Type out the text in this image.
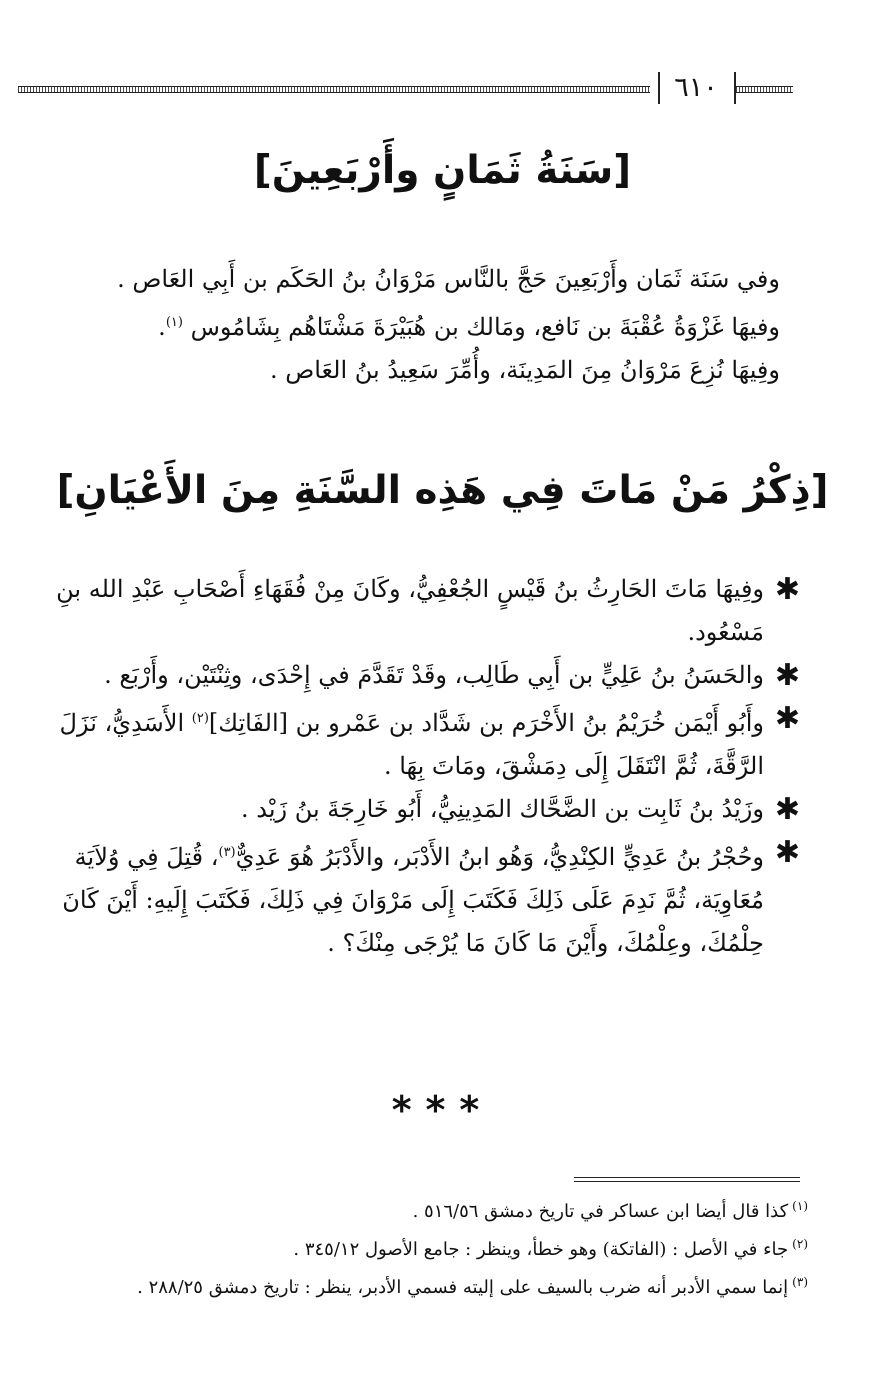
٦١٠
[سَنَةُ ثَمَانٍ وأَرْبَعِينَ]
وفي سَنَة ثَمَان وأَرْبَعِينَ حَجَّ بالنَّاس مَرْوَانُ بنُ الحَكَم بن أَبِي العَاص .
وفيهَا غَزْوَةُ عُقْبَةَ بن نَافع، ومَالك بن هُبَيْرَةَ مَشْتَاهُم بِشَامُوس $^{(١)}$.
وفِيهَا نُزِعَ مَرْوَانُ مِنَ المَدِينَة، وأُمِّرَ سَعِيدُ بنُ العَاص .
[ذِكْرُ مَنْ مَاتَ فِي هَذِه السَّنَةِ مِنَ الأَعْيَانِ]
✱
وفِيهَا مَاتَ الحَارِثُ بنُ قَيْسٍ الجُعْفِيُّ، وكَانَ مِنْ فُقَهَاءِ أَصْحَابِ عَبْدِ الله بنِ مَسْعُود.
✱
والحَسَنُ بنُ عَلِيٍّ بن أَبِي طَالِب، وقَدْ تَقَدَّمَ في إِحْدَى، وثِنْتَيْن، وأَرْبَع .
✱
وأَبُو أَيْمَن خُرَيْمُ بنُ الأَخْرَم بن شَدَّاد بن عَمْرو بن [الفَاتِك]$^{(٢)}$ الأَسَدِيُّ، نَزَلَ الرَّقَّةَ، ثُمَّ انْتَقَلَ إِلَى دِمَشْقَ، ومَاتَ بِهَا .
✱
وزَيْدُ بنُ ثَابِت بن الضَّحَّاك المَدِينِيُّ، أَبُو خَارِجَةَ بنُ زَيْد .
✱
وحُجْرُ بنُ عَدِيٍّ الكِنْدِيُّ، وَهُو ابنُ الأَدْبَر، والأَدْبَرُ هُوَ عَدِيٌّ$^{(٣)}$، قُتِلَ فِي وُلاَيَة مُعَاوِيَة، ثُمَّ نَدِمَ عَلَى ذَلِكَ فَكَتَبَ إِلَى مَرْوَانَ فِي ذَلِكَ، فَكَتَبَ إِلَيهِ: أَيْنَ كَانَ حِلْمُكَ، وعِلْمُكَ، وأَيْنَ مَا كَانَ مَا يُرْجَى مِنْكَ؟ .
***
$^{(١)}$كذا قال أيضا ابن عساكر في تاريخ دمشق ٥١٦/٥٦ .
$^{(٢)}$جاء في الأصل : (الفاتكة) وهو خطأ، وينظر : جامع الأصول ٣٤٥/١٢ .
$^{(٣)}$إنما سمي الأدبر أنه ضرب بالسيف على إليته فسمي الأدبر، ينظر : تاريخ دمشق ٢٨٨/٢٥ .
